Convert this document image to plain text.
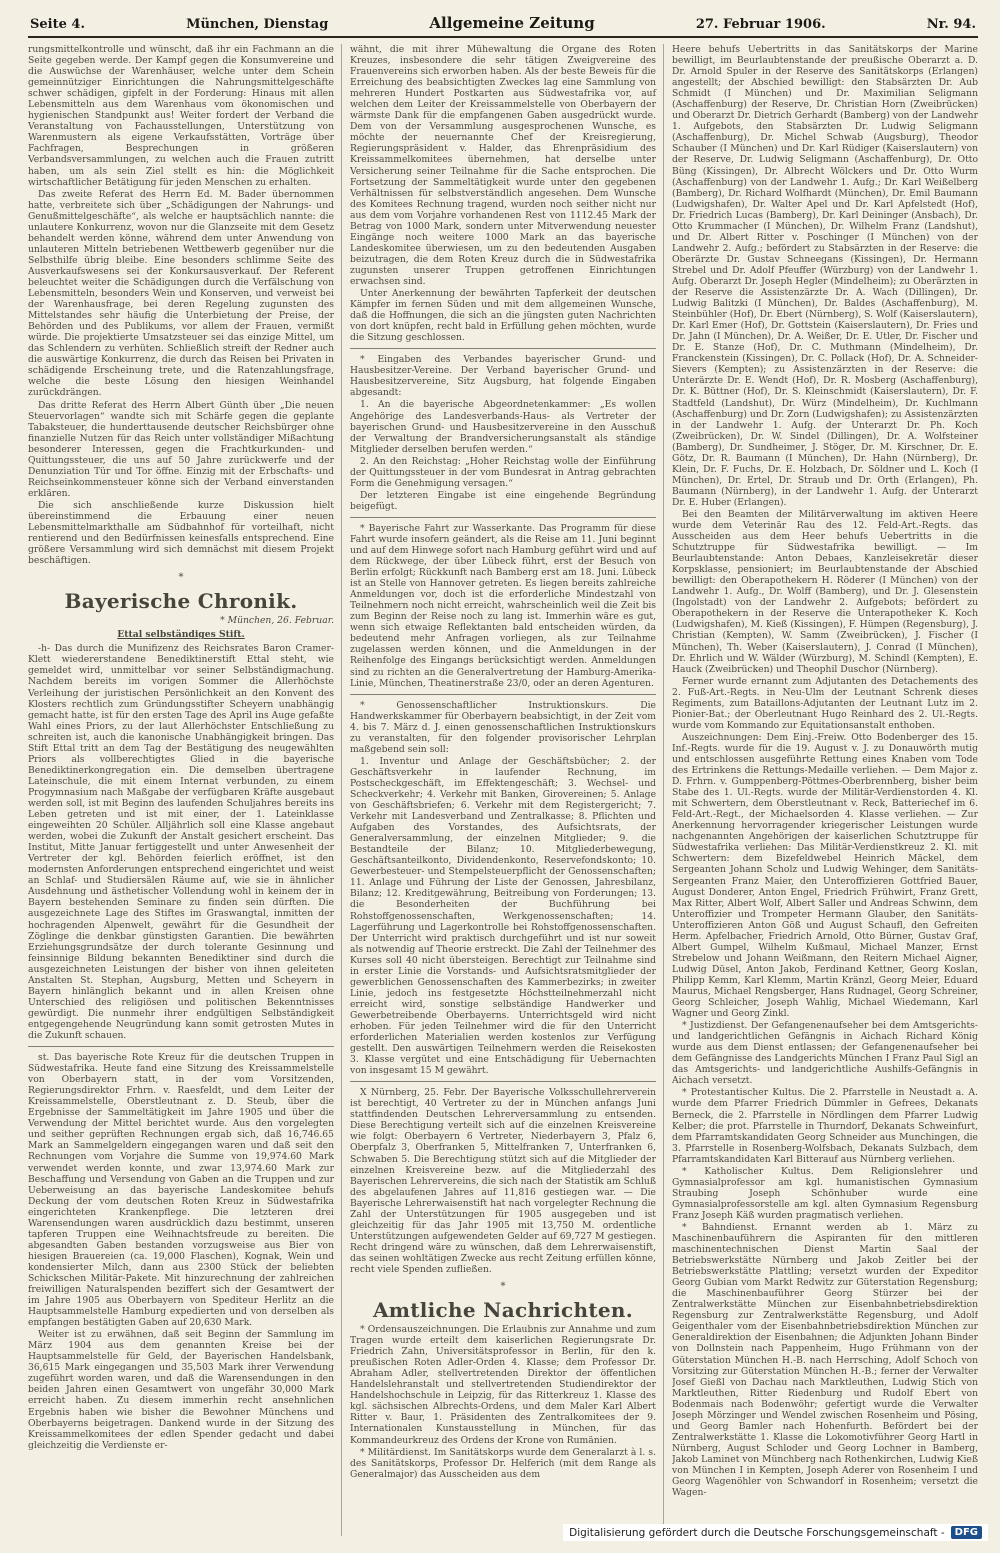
Seite 4.	München, Dienstag	Allgemeine Zeitung	27. Februar 1906.	Nr. 94.

rungsmittelkontrolle und wünscht, daß ihr ein Fachmann an die Seite gegeben werde. Der Kampf gegen die Konsumvereine und die Auswüchse der Warenhäuser, welche unter dem Schein gemeinnütziger Einrichtungen die Nahrungsmittelgeschäfte schwer schädigen, gipfelt in der Forderung: Hinaus mit allen Lebensmitteln aus dem Warenhaus vom ökonomischen und hygienischen Standpunkt aus! Weiter fordert der Verband die Veranstaltung von Fachausstellungen, Unterstützung von Warenmustern als eigene Verkaufsstätten, Vorträge über Fachfragen, Besprechungen in größeren Verbandsversammlungen, zu welchen auch die Frauen zutritt haben, um als sein Ziel stellt es hin: die Möglichkeit wirtschaftlicher Betätigung für jeden Menschen zu erhalten.

Das zweite Referat des Herrn Ed. M. Bader übernommen hatte, verbreitete sich über „Schädigungen der Nahrungs- und Genußmittelgeschäfte“, als welche er hauptsächlich nannte: die unlautere Konkurrenz, wovon nur die Glanzseite mit dem Gesetz behandelt werden könne, während dem unter Anwendung von unlauteren Mitteln betriebenen Wettbewerb gegenüber nur die Selbsthilfe übrig bleibe. Eine besonders schlimme Seite des Ausverkaufswesens sei der Konkursausverkauf. Der Referent beleuchtet weiter die Schädigungen durch die Verfälschung von Lebensmitteln, besonders Wein und Konserven, und verweist bei der Warenhausfrage, bei deren Regelung zugunsten des Mittelstandes sehr häufig die Unterbietung der Preise, der Behörden und des Publikums, vor allem der Frauen, vermißt würde. Die projektierte Umsatzsteuer sei das einzige Mittel, um das Schlendern zu verhüten. Schließlich streift der Redner auch die auswärtige Konkurrenz, die durch das Reisen bei Privaten in schädigende Erscheinung trete, und die Ratenzahlungsfrage, welche die beste Lösung den hiesigen Weinhandel zurückdrängen.

Das dritte Referat des Herrn Albert Günth über „Die neuen Steuervorlagen“ wandte sich mit Schärfe gegen die geplante Tabaksteuer, die hunderttausende deutscher Reichsbürger ohne finanzielle Nutzen für das Reich unter vollständiger Mißachtung besonderer Interessen, gegen die Frachtkurkunden- und Quittungssteuer, die uns auf 50 Jahre zurückwerfe und der Denunziation Tür und Tor öffne. Einzig mit der Erbschafts- und Reichseinkommensteuer könne sich der Verband einverstanden erklären.

Die sich anschließende kurze Diskussion hielt übereinstimmend die Erbauung einer neuen Lebensmittelmarkthalle am Südbahnhof für vorteilhaft, nicht rentierend und den Bedürfnissen keinesfalls entsprechend. Eine größere Versammlung wird sich demnächst mit diesem Projekt beschäftigen.

*
Bayerische Chronik.
* München, 26. Februar.
Ettal selbständiges Stift.

-h- Das durch die Munifizenz des Reichsrates Baron Cramer-Klett wiedererstandene Benediktinerstift Ettal steht, wie gemeldet wird, unmittelbar vor seiner Selbständigmachung. Nachdem bereits im vorigen Sommer die Allerhöchste Verleihung der juristischen Persönlichkeit an den Konvent des Klosters rechtlich zum Gründungsstifter Scheyern unabhängig gemacht hatte, ist für den ersten Tage des April ins Auge gefaßte Wahl eines Priors, zu der laut Allerhöchster Entschließung zu schreiten ist, auch die kanonische Unabhängigkeit bringen. Das Stift Ettal tritt an dem Tag der Bestätigung des neugewählten Priors als vollberechtigtes Glied in die bayerische Benediktinerkongregation ein. Die demselben übertragene Lateinschule, die mit einem Internat verbunden, zu einem Progymnasium nach Maßgabe der verfügbaren Kräfte ausgebaut werden soll, ist mit Beginn des laufenden Schuljahres bereits ins Leben getreten und ist mit einer, der 1. Lateinklasse eingeweihten 20 Schüler. Alljährlich soll eine Klasse angebaut werden, wobei die Zukunft der Anstalt gesichert erscheint. Das Institut, Mitte Januar fertiggestellt und unter Anwesenheit der Vertreter der kgl. Behörden feierlich eröffnet, ist den modernsten Anforderungen entsprechend eingerichtet und weist an Schlaf- und Studiersälen Räume auf, wie sie in ähnlicher Ausdehnung und ästhetischer Vollendung wohl in keinem der in Bayern bestehenden Seminare zu finden sein dürften. Die ausgezeichnete Lage des Stiftes im Graswangtal, inmitten der hochragenden Alpenwelt, gewährt für die Gesundheit der Zöglinge die denkbar günstigsten Garantien. Die bewährten Erziehungsgrundsätze der durch tolerante Gesinnung und feinsinnige Bildung bekannten Benediktiner sind durch die ausgezeichneten Leistungen der bisher von ihnen geleiteten Anstalten St. Stephan, Augsburg, Metten und Scheyern in Bayern hinlänglich bekannt und in allen Kreisen ohne Unterschied des religiösen und politischen Bekenntnisses gewürdigt. Die nunmehr ihrer endgültigen Selbständigkeit entgegengehende Neugründung kann somit getrosten Mutes in die Zukunft schauen.

st. Das bayerische Rote Kreuz für die deutschen Truppen in Südwestafrika. Heute fand eine Sitzung des Kreissammelstelle von Oberbayern statt, in der vom Vorsitzenden, Regierungsdirektor Frhrn. v. Raesfeldt, und dem Leiter der Kreissammelstelle, Oberstleutnant z. D. Steub, über die Ergebnisse der Sammeltätigkeit im Jahre 1905 und über die Verwendung der Mittel berichtet wurde. Aus den vorgelegten und seither geprüften Rechnungen ergab sich, daß 16,746.65 Mark an Sammelgeldern eingegangen waren und daß seit den Rechnungen vom Vorjahre die Summe von 19,974.60 Mark verwendet werden konnte, und zwar 13,974.60 Mark zur Beschaffung und Versendung von Gaben an die Truppen und zur Ueberweisung an das bayerische Landeskomitee behufs Deckung der vom deutschen Roten Kreuz in Südwestafrika eingerichteten Krankenpflege. Die letzteren drei Warensendungen waren ausdrücklich dazu bestimmt, unseren tapferen Truppen eine Weihnachtsfreude zu bereiten. Die abgesandten Gaben bestanden vorzugsweise aus Bier von hiesigen Brauereien (ca. 19,000 Flaschen), Kognak, Wein und kondensierter Milch, dann aus 2300 Stück der beliebten Schickschen Militär-Pakete. Mit hinzurechnung der zahlreichen freiwilligen Naturalspenden beziffert sich der Gesamtwert der im Jahre 1905 aus Oberbayern von Spediteur Herlitz an die Hauptsammelstelle Hamburg expedierten und von derselben als empfangen bestätigten Gaben auf 20,630 Mark.

Weiter ist zu erwähnen, daß seit Beginn der Sammlung im März 1904 aus dem genannten Kreise bei der Hauptsammelstelle für Geld, der Bayerischen Handelsbank, 36,615 Mark eingegangen und 35,503 Mark ihrer Verwendung zugeführt worden waren, und daß die Warensendungen in den beiden Jahren einen Gesamtwert von ungefähr 30,000 Mark erreicht haben. Zu diesem immerhin recht ansehnlichen Ergebnis haben wie bisher die Bewohner Münchens und Oberbayerns beigetragen. Dankend wurde in der Sitzung des Kreissammelkomitees der edlen Spender gedacht und dabei gleichzeitig die Verdienste er-

wähnt, die mit ihrer Mühewaltung die Organe des Roten Kreuzes, insbesondere die sehr tätigen Zweigvereine des Frauenvereins sich erworben haben. Als der beste Beweis für die Erreichung des beabsichtigten Zweckes lag eine Sammlung von mehreren Hundert Postkarten aus Südwestafrika vor, auf welchen dem Leiter der Kreissammelstelle von Oberbayern der wärmste Dank für die empfangenen Gaben ausgedrückt wurde. Dem von der Versammlung ausgesprochenen Wunsche, es möchte der neuernannte Chef der Kreisregierung, Regierungspräsident v. Halder, das Ehrenpräsidium des Kreissammelkomitees übernehmen, hat derselbe unter Versicherung seiner Teilnahme für die Sache entsprochen. Die Fortsetzung der Sammeltätigkeit wurde unter den gegebenen Verhältnissen für selbstverständlich angesehen. Dem Wunsche des Komitees Rechnung tragend, wurden noch seither nicht nur aus dem vom Vorjahre vorhandenen Rest von 1112.45 Mark der Betrag von 1000 Mark, sondern unter Mitverwendung neuester Eingänge noch weitere 1000 Mark an das bayerische Landeskomitee überwiesen, um zu den bedeutenden Ausgaben beizutragen, die dem Roten Kreuz durch die in Südwestafrika zugunsten unserer Truppen getroffenen Einrichtungen erwachsen sind.

Unter Anerkennung der bewährten Tapferkeit der deutschen Kämpfer im fernen Süden und mit dem allgemeinen Wunsche, daß die Hoffnungen, die sich an die jüngsten guten Nachrichten von dort knüpfen, recht bald in Erfüllung gehen möchten, wurde die Sitzung geschlossen.

* Eingaben des Verbandes bayerischer Grund- und Hausbesitzer-Vereine. Der Verband bayerischer Grund- und Hausbesitzervereine, Sitz Augsburg, hat folgende Eingaben abgesandt:

1. An die bayerische Abgeordnetenkammer: „Es wollen Angehörige des Landesverbands-Haus- als Vertreter der bayerischen Grund- und Hausbesitzervereine in den Ausschuß der Verwaltung der Brandversicherungsanstalt als ständige Mitglieder derselben berufen werden.“

2. An den Reichstag: „Hoher Reichstag wolle der Einführung der Quittungssteuer in der vom Bundesrat in Antrag gebrachten Form die Genehmigung versagen.“

Der letzteren Eingabe ist eine eingehende Begründung beigefügt.

* Bayerische Fahrt zur Wasserkante. Das Programm für diese Fahrt wurde insofern geändert, als die Reise am 11. Juni beginnt und auf dem Hinwege sofort nach Hamburg geführt wird und auf dem Rückwege, der über Lübeck führt, erst der Besuch von Berlin erfolgt; Rückkunft nach Bamberg erst am 18. Juni. Lübeck ist an Stelle von Hannover getreten. Es liegen bereits zahlreiche Anmeldungen vor, doch ist die erforderliche Mindestzahl von Teilnehmern noch nicht erreicht, wahrscheinlich weil die Zeit bis zum Beginn der Reise noch zu lang ist. Immerhin wäre es gut, wenn sich etwaige Reflektanten bald entscheiden würden, da bedeutend mehr Anfragen vorliegen, als zur Teilnahme zugelassen werden können, und die Anmeldungen in der Reihenfolge des Eingangs berücksichtigt werden. Anmeldungen sind zu richten an die Generalvertretung der Hamburg-Amerika-Linie, München, Theatinerstraße 23/0, oder an deren Agenturen.

* Genossenschaftlicher Instruktionskurs. Die Handwerkskammer für Oberbayern beabsichtigt, in der Zeit vom 4. bis 7. März d. J. einen genossenschaftlichen Instruktionskurs zu veranstalten, für den folgender provisorischer Lehrplan maßgebend sein soll:

1. Inventur und Anlage der Geschäftsbücher; 2. der Geschäftsverkehr in laufender Rechnung, im Postscheckgeschäft, im Effektengeschäft; 3. Wechsel- und Scheckverkehr; 4. Verkehr mit Banken, Girovereinen; 5. Anlage von Geschäftsbriefen; 6. Verkehr mit dem Registergericht; 7. Verkehr mit Landesverband und Zentralkasse; 8. Pflichten und Aufgaben des Vorstandes, des Aufsichtsrats, der Generalversammlung, der einzelnen Mitglieder; 9. die Bestandteile der Bilanz; 10. Mitgliederbewegung, Geschäftsanteilkonto, Dividendenkonto, Reservefondskonto; 10. Gewerbesteuer- und Stempelsteuerpflicht der Genossenschaften; 11. Anlage und Führung der Liste der Genossen, Jahresbilanz, Bilanz; 12. Kreditgewährung, Beitreibung von Forderungen; 13. die Besonderheiten der Buchführung bei Rohstoffgenossenschaften, Werkgenossenschaften; 14. Lagerführung und Lagerkontrolle bei Rohstoffgenossenschaften. Der Unterricht wird praktisch durchgeführt und ist nur soweit als notwendig auf Theorie erstreckt. Die Zahl der Teilnehmer des Kurses soll 40 nicht übersteigen. Berechtigt zur Teilnahme sind in erster Linie die Vorstands- und Aufsichtsratsmitglieder der gewerblichen Genossenschaften des Kammerbezirks; in zweiter Linie, jedoch ins festgesetzte Höchstteilnehmerzahl nicht erreicht wird, sonstige selbständige Handwerker und Gewerbetreibende Oberbayerns. Unterrichtsgeld wird nicht erhoben. Für jeden Teilnehmer wird die für den Unterricht erforderlichen Materialien werden kostenlos zur Verfügung gestellt. Den auswärtigen Teilnehmern werden die Reisekosten 3. Klasse vergütet und eine Entschädigung für Uebernachten von insgesamt 15 M gewährt.

X Nürnberg, 25. Febr. Der Bayerische Volksschullehrerverein ist berechtigt, 40 Vertreter zu der in München anfangs Juni stattfindenden Deutschen Lehrerversammlung zu entsenden. Diese Berechtigung verteilt sich auf die einzelnen Kreisvereine wie folgt: Oberbayern 6 Vertreter, Niederbayern 3, Pfalz 6, Oberpfalz 3, Oberfranken 5, Mittelfranken 7, Unterfranken 6, Schwaben 5. Die Berechtigung stützt sich auf die Mitglieder der einzelnen Kreisvereine bezw. auf die Mitgliederzahl des Bayerischen Lehrervereins, die sich nach der Statistik am Schluß des abgelaufenen Jahres auf 11,816 gestiegen war. — Die Bayerische Lehrerwaisenstift hat nach vorgelegter Rechnung die Zahl der Unterstützungen für 1905 ausgegeben und ist gleichzeitig für das Jahr 1905 mit 13,750 M. ordentliche Unterstützungen aufgewendeten Gelder auf 69,727 M gestiegen. Recht dringend wäre zu wünschen, daß dem Lehrerwaisenstift, das seinen wohltätigen Zwecke aus recht Zeitung erfüllen könne, recht viele Spenden zufließen.

*
Amtliche Nachrichten.

* Ordensauszeichnungen. Die Erlaubnis zur Annahme und zum Tragen wurde erteilt dem kaiserlichen Regierungsrate Dr. Friedrich Zahn, Universitätsprofessor in Berlin, für den k. preußischen Roten Adler-Orden 4. Klasse; dem Professor Dr. Abraham Adler, stellvertretenden Direktor der öffentlichen Handelslehranstalt und stellvertretenden Studiendirektor der Handelshochschule in Leipzig, für das Ritterkreuz 1. Klasse des kgl. sächsischen Albrechts-Ordens, und dem Maler Karl Albert Ritter v. Baur, 1. Präsidenten des Zentralkomitees der 9. Internationalen Kunstausstellung in München, für das Kommandeurkreuz des Ordens der Krone von Rumänien.

* Militärdienst. Im Sanitätskorps wurde dem Generalarzt à l. s. des Sanitätskorps, Professor Dr. Helferich (mit dem Range als Generalmajor) das Ausscheiden aus dem

Heere behufs Uebertritts in das Sanitätskorps der Marine bewilligt, im Beurlaubtenstande der preußische Oberarzt a. D. Dr. Arnold Spuler in der Reserve des Sanitätskorps (Erlangen) angestellt; der Abschied bewilligt: den Stabsärzten Dr. Aub Schmidt (I München) und Dr. Maximilian Seligmann (Aschaffenburg) der Reserve, Dr. Christian Horn (Zweibrücken) und Oberarzt Dr. Dietrich Gerhardt (Bamberg) von der Landwehr 1. Aufgebots, den Stabsärzten Dr. Ludwig Seligmann (Aschaffenburg), Dr. Michel Schwab (Augsburg), Theodor Schauber (I München) und Dr. Karl Rüdiger (Kaiserslautern) von der Reserve, Dr. Ludwig Seligmann (Aschaffenburg), Dr. Otto Büng (Kissingen), Dr. Albrecht Wölckers und Dr. Otto Wurm (Aschaffenburg) von der Landwehr 1. Aufg.; Dr. Karl Weißelberg (Bamberg), Dr. Richard Wolfhardt (München), Dr. Emil Baumann (Ludwigshafen), Dr. Walter Apel und Dr. Karl Apfelstedt (Hof), Dr. Friedrich Lucas (Bamberg), Dr. Karl Deininger (Ansbach), Dr. Otto Krummacher (I München), Dr. Wilhelm Franz (Landshut), und Dr. Albert Ritter v. Poschinger (I München) von der Landwehr 2. Aufg.; befördert zu Stabsärzten in der Reserve: die Oberärzte Dr. Gustav Schneegans (Kissingen), Dr. Hermann Strebel und Dr. Adolf Pfeuffer (Würzburg) von der Landwehr 1. Aufg. Oberarzt Dr. Joseph Hegler (Mindelheim); zu Oberärzten in der Reserve die Assistenzärzte Dr. A. Wach (Dillingen), Dr. Ludwig Balitzki (I München), Dr. Baldes (Aschaffenburg), M. Steinbühler (Hof), Dr. Ebert (Nürnberg), S. Wolf (Kaiserslautern), Dr. Karl Emer (Hof), Dr. Gottstein (Kaiserslautern), Dr. Fries und Dr. Jahn (I München), Dr. A. Weißer, Dr. E. Utler, Dr. Fischer und Dr. E. Stanze (Hof), Dr. C. Muthmann (Mindelheim), Dr. Franckenstein (Kissingen), Dr. C. Pollack (Hof), Dr. A. Schneider-Sievers (Kempten); zu Assistenzärzten in der Reserve: die Unterärzte Dr. E. Wendt (Hof), Dr. R. Mosberg (Aschaffenburg), Dr. K. Büttner (Hof), Dr. S. Kleinschmidt (Kaiserslautern), Dr. F. Stadtfeld (Landshut), Dr. Würz (Mindelheim), Dr. Kuchlmann (Aschaffenburg) und Dr. Zorn (Ludwigshafen); zu Assistenzärzten in der Landwehr 1. Aufg. der Unterarzt Dr. Ph. Koch (Zweibrücken), Dr. W. Sindel (Dillingen), Dr. A. Wolfsteiner (Bamberg), Dr. Sundheimer, J. Stöger, Dr. M. Kirschner, Dr. E. Götz, Dr. R. Baumann (I München), Dr. Hahn (Nürnberg), Dr. Klein, Dr. F. Fuchs, Dr. E. Holzbach, Dr. Söldner und L. Koch (I München), Dr. Ertel, Dr. Straub und Dr. Orth (Erlangen), Ph. Baumann (Nürnberg), in der Landwehr 1. Aufg. der Unterarzt Dr. E. Huber (Erlangen).

Bei den Beamten der Militärverwaltung im aktiven Heere wurde dem Veterinär Rau des 12. Feld-Art.-Regts. das Ausscheiden aus dem Heer behufs Uebertritts in die Schutztruppe für Südwestafrika bewilligt. — Im Beurlaubtenstande: Anton Debaes, Kanzleisekretär dieser Korpsklasse, pensioniert; im Beurlaubtenstande der Abschied bewilligt: den Oberapothekern H. Röderer (I München) von der Landwehr 1. Aufg., Dr. Wolff (Bamberg), und Dr. J. Glesenstein (Ingolstadt) von der Landwehr 2. Aufgebots; befördert zu Oberapothekern in der Reserve die Unterapotheker K. Koch (Ludwigshafen), M. Kieß (Kissingen), F. Hümpen (Regensburg), J. Christian (Kempten), W. Samm (Zweibrücken), J. Fischer (I München), Th. Weber (Kaiserslautern), J. Conrad (I München), Dr. Ehrlich und W. Wälder (Würzburg), M. Schindl (Kempten), E. Hauck (Zweibrücken) und Theophil Duschor (Nürnberg).

Ferner wurde ernannt zum Adjutanten des Detachements des 2. Fuß-Art.-Regts. in Neu-Ulm der Leutnant Schrenk dieses Regiments, zum Bataillons-Adjutanten der Leutnant Lutz im 2. Pionier-Bat.; der Oberleutnant Hugo Reinhard des 2. Ul.-Regts. wurde vom Kommando zur Equitationsanstalt enthoben.

Auszeichnungen: Dem Einj.-Freiw. Otto Bodenberger des 15. Inf.-Regts. wurde für die 19. August v. J. zu Donauwörth mutig und entschlossen ausgeführte Rettung eines Knaben vom Tode des Ertrinkens die Rettungs-Medaille verliehen. — Dem Major z. D. Frhrn. v. Gumppenberg-Pöttmes-Oberbrennberg, bisher beim Stabe des 1. Ul.-Regts. wurde der Militär-Verdienstorden 4. Kl. mit Schwertern, dem Oberstleutnant v. Reck, Batteriechef im 6. Feld-Art.-Regt., der Michaelsorden 4. Klasse verliehen. — Zur Anerkennung hervorragender kriegerischer Leistungen wurde nachgenannten Angehörigen der kaiserlichen Schutztruppe für Südwestafrika verliehen: Das Militär-Verdienstkreuz 2. Kl. mit Schwertern: dem Bizefeldwebel Heinrich Mäckel, dem Sergeanten Johann Scholz und Ludwig Wehinger, dem Sanitäts-Sergeanten Franz Maier, den Unteroffizieren Gottfried Bauer, August Donderer, Anton Engel, Friedrich Frühwirt, Franz Grett, Max Ritter, Albert Wolf, Albert Saller und Andreas Schwinn, dem Unteroffizier und Trompeter Hermann Glauber, den Sanitäts-Unteroffizieren Anton Göß und August Schaufl, den Gefreiten Herm. Apfelbacher, Friedrich Arnold, Otto Bürner, Gustav Graf, Albert Gumpel, Wilhelm Kußmaul, Michael Manzer, Ernst Strebelow und Johann Weißmann, den Reitern Michael Aigner, Ludwig Düsel, Anton Jakob, Ferdinand Kettner, Georg Koslan, Philipp Kemm, Karl Klemm, Martin Kränzl, Georg Meier, Eduard Maurus, Michael Rengsberger, Hans Rudnagel, Georg Schreiner, Georg Schleicher, Joseph Wahlig, Michael Wiedemann, Karl Wagner und Georg Zinkl.

* Justizdienst. Der Gefangenenaufseher bei dem Amtsgerichts- und landgerichtlichen Gefängnis in Aichach Richard König wurde aus dem Dienst entlassen; der Gefangenenaufseher bei dem Gefängnisse des Landgerichts München I Franz Paul Sigl an das Amtsgerichts- und landgerichtliche Aushilfs-Gefängnis in Aichach versetzt.

* Protestantischer Kultus. Die 2. Pfarrstelle in Neustadt a. A. wurde dem Pfarrer Friedrich Dümmler in Gefrees, Dekanats Berneck, die 2. Pfarrstelle in Nördlingen dem Pfarrer Ludwig Kelber; die prot. Pfarrstelle in Thurndorf, Dekanats Schweinfurt, dem Pfarramtskandidaten Georg Schneider aus Munchingen, die 3. Pfarrstelle in Rosenberg-Wolfsbach, Dekanats Sulzbach, dem Pfarramtskandidaten Karl Bitterauf aus Nürnberg verliehen.

* Katholischer Kultus. Dem Religionslehrer und Gymnasialprofessor am kgl. humanistischen Gymnasium Straubing Joseph Schönhuber wurde eine Gymnasialprofessorstelle am kgl. alten Gymnasium Regensburg Franz Joseph Käß wurden pragmatisch verliehen.

* Bahndienst. Ernannt werden ab 1. März zu Maschinenbauführern die Aspiranten für den mittleren maschinentechnischen Dienst Martin Saal der Betriebswerkstätte Nürnberg und Jakob Zeitler bei der Betriebswerkstätte Plattling; versetzt wurden der Expeditor Georg Gubian vom Markt Redwitz zur Güterstation Regensburg; die Maschinenbauführer Georg Stürzer bei der Zentralwerkstätte München zur Eisenbahnbetriebsdirektion Regensburg zur Zentralwerkstätte Regensburg, und Adolf Geigenthaler vom der Eisenbahnbetriebsdirektion München zur Generaldirektion der Eisenbahnen; die Adjunkten Johann Binder von Dollnstein nach Pappenheim, Hugo Frühmann von der Güterstation München H.-B. nach Herrsching, Adolf Schoch von Vorsitzing zur Güterstation München H.-B.; ferner der Verwalter Josef Gießl von Dachau nach Marktleuthen, Ludwig Stich von Marktleuthen, Ritter Riedenburg und Rudolf Ebert von Bodenmais nach Bodenwöhr; gefertigt wurde die Verwalter Joseph Mörzinger und Wendel zwischen Rosenheim und Pösing, und Georg Bamler nach Hohenfurth. Befördert bei der Zentralwerkstätte 1. Klasse die Lokomotivführer Georg Hartl in Nürnberg, August Schloder und Georg Lochner in Bamberg, Jakob Laminet von Münchberg nach Rothenkirchen, Ludwig Kieß von München I in Kempten, Joseph Aderer von Rosenheim I und Georg Wagenöhler von Schwandorf in Rosenheim; versetzt die Wagen-

Digitalisierung gefördert durch die Deutsche Forschungsgemeinschaft -	DFG
